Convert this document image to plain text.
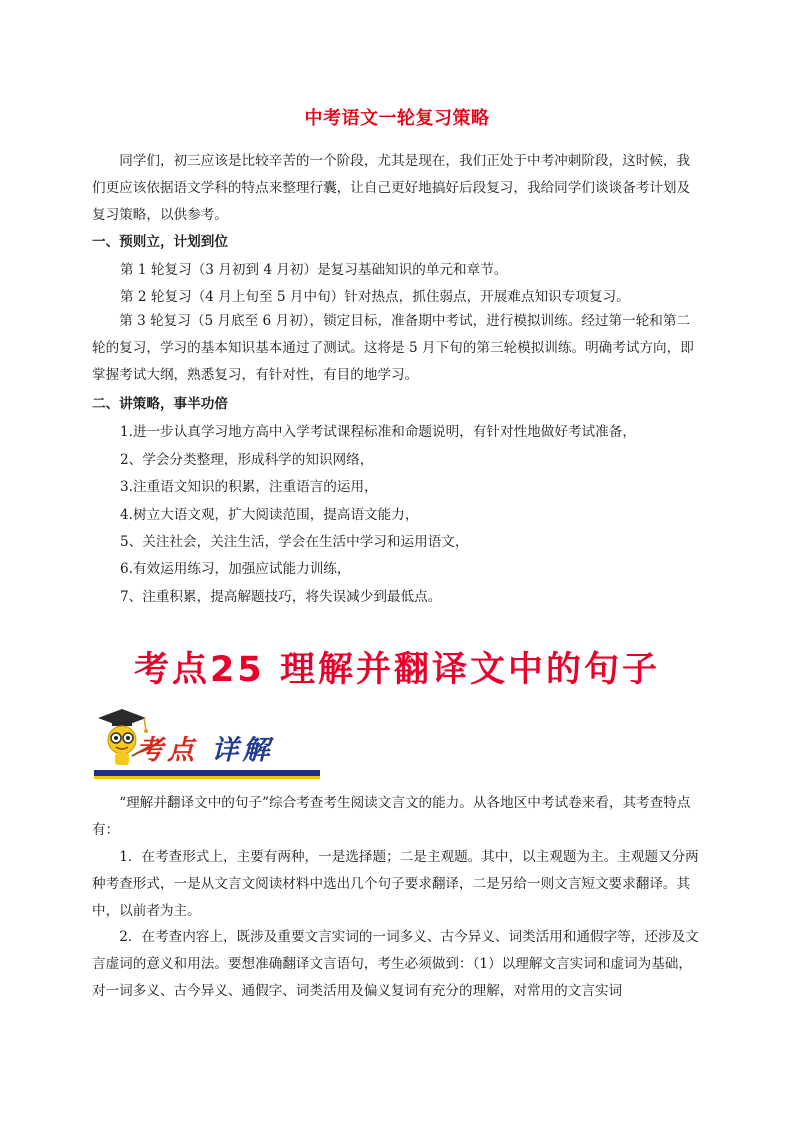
中考语文一轮复习策略

同学们，初三应该是比较辛苦的一个阶段，尤其是现在，我们正处于中考冲刺阶段，这时候，我们更应该依据语文学科的特点来整理行囊，让自己更好地搞好后段复习，我给同学们谈谈备考计划及复习策略，以供参考。

一、预则立，计划到位

第 1 轮复习（3 月初到 4 月初）是复习基础知识的单元和章节。

第 2 轮复习（4 月上旬至 5 月中旬）针对热点，抓住弱点，开展难点知识专项复习。

第 3 轮复习（5 月底至 6 月初），锁定目标，准备期中考试，进行模拟训练。经过第一轮和第二轮的复习，学习的基本知识基本通过了测试。这将是 5 月下旬的第三轮模拟训练。明确考试方向，即掌握考试大纲，熟悉复习，有针对性，有目的地学习。

二、讲策略，事半功倍

1.进一步认真学习地方高中入学考试课程标准和命题说明，有针对性地做好考试准备，

2、学会分类整理，形成科学的知识网络，

3.注重语文知识的积累，注重语言的运用，

4.树立大语文观，扩大阅读范围，提高语文能力，

5、关注社会，关注生活，学会在生活中学习和运用语文，

6.有效运用练习，加强应试能力训练，

7、注重积累，提高解题技巧，将失误减少到最低点。

考点25 理解并翻译文中的句子
考点 详解

“理解并翻译文中的句子”综合考查考生阅读文言文的能力。从各地区中考试卷来看，其考查特点有：

1．在考查形式上，主要有两种，一是选择题；二是主观题。其中，以主观题为主。主观题又分两种考查形式，一是从文言文阅读材料中选出几个句子要求翻译，二是另给一则文言短文要求翻译。其中，以前者为主。

2．在考查内容上，既涉及重要文言实词的一词多义、古今异义、词类活用和通假字等，还涉及文言虚词的意义和用法。要想准确翻译文言语句，考生必须做到：（1）以理解文言实词和虚词为基础，对一词多义、古今异义、通假字、词类活用及偏义复词有充分的理解，对常用的文言实词
